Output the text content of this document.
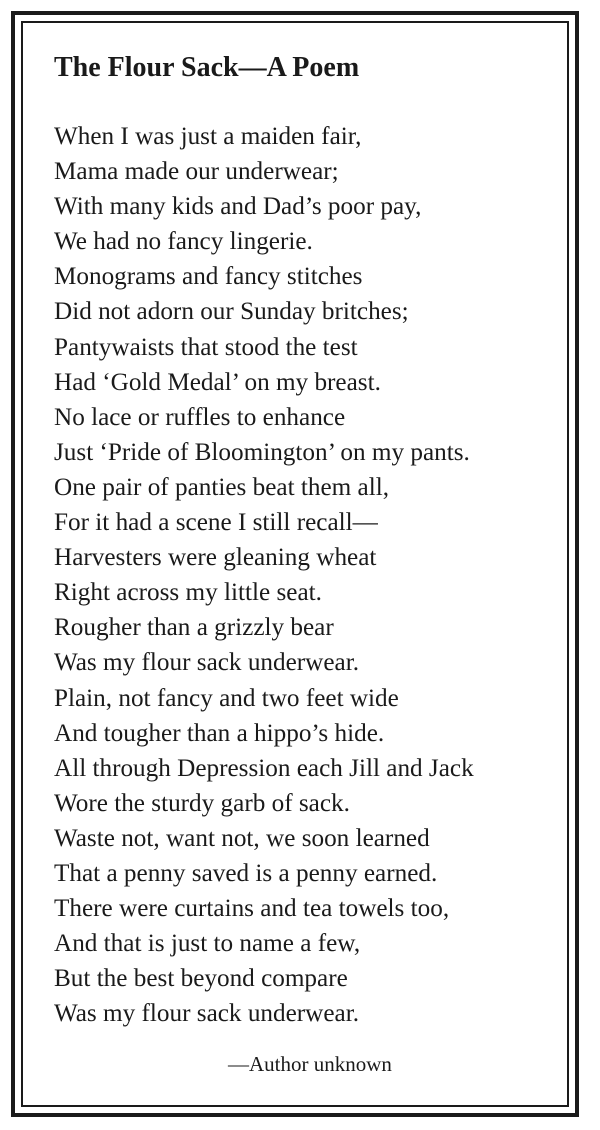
The Flour Sack—A Poem
When I was just a maiden fair,
Mama made our underwear;
With many kids and Dad’s poor pay,
We had no fancy lingerie.
Monograms and fancy stitches
Did not adorn our Sunday britches;
Pantywaists that stood the test
Had ‘Gold Medal’ on my breast.
No lace or ruffles to enhance
Just ‘Pride of Bloomington’ on my pants.
One pair of panties beat them all,
For it had a scene I still recall—
Harvesters were gleaning wheat
Right across my little seat.
Rougher than a grizzly bear
Was my flour sack underwear.
Plain, not fancy and two feet wide
And tougher than a hippo’s hide.
All through Depression each Jill and Jack
Wore the sturdy garb of sack.
Waste not, want not, we soon learned
That a penny saved is a penny earned.
There were curtains and tea towels too,
And that is just to name a few,
But the best beyond compare
Was my flour sack underwear.

—Author unknown
